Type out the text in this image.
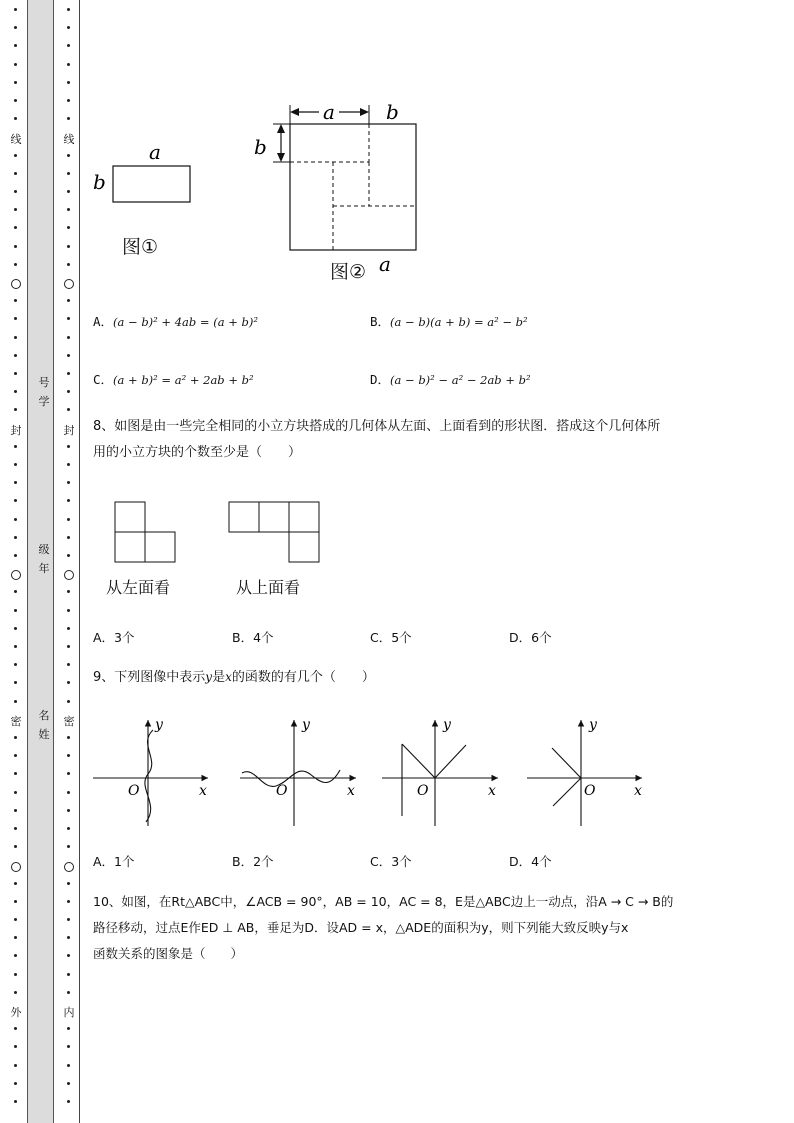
线
封
密
外
线
封
密
内
号
学
级
年
名
姓
a
b
a	b
b
a
图①
图②
A．(a − b)² + 4ab = (a + b)²	B．(a − b)(a + b) = a² − b²
C．(a + b)² = a² + 2ab + b²	D．(a − b)² − a² − 2ab + b²
8、如图是由一些完全相同的小立方块搭成的几何体从左面、上面看到的形状图．搭成这个几何体所
用的小立方块的个数至少是（　　）
从左面看	从上面看
A．3个	B．4个	C．5个	D．6个
9、下列图像中表示y是x的函数的有几个（　　）
y
x
O
y
x
O
y
x
O
y
x
O
A．1个	B．2个	C．3个	D．4个
10、如图，在Rt△ABC中，∠ACB = 90°，AB = 10，AC = 8，E是△ABC边上一动点，沿A → C → B的
路径移动，过点E作ED ⊥ AB，垂足为D．设AD = x，△ADE的面积为y，则下列能大致反映y与x
函数关系的图象是（　　）
